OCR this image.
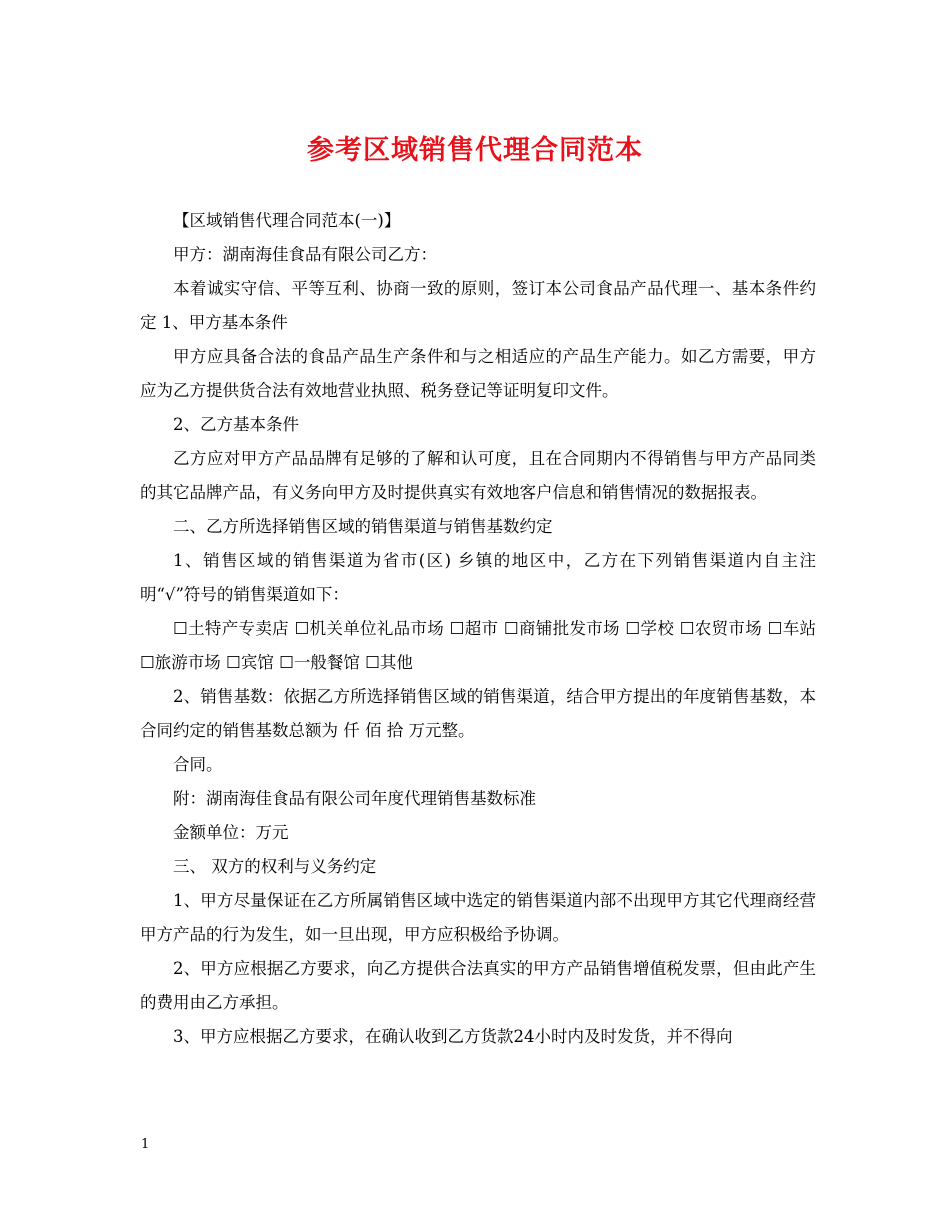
参考区域销售代理合同范本

【区域销售代理合同范本(一)】

甲方：湖南海佳食品有限公司乙方：

本着诚实守信、平等互利、协商一致的原则，签订本公司食品产品代理一、基本条件约定 1、甲方基本条件

甲方应具备合法的食品产品生产条件和与之相适应的产品生产能力。如乙方需要，甲方应为乙方提供货合法有效地营业执照、税务登记等证明复印文件。

2、乙方基本条件

乙方应对甲方产品品牌有足够的了解和认可度，且在合同期内不得销售与甲方产品同类的其它品牌产品，有义务向甲方及时提供真实有效地客户信息和销售情况的数据报表。

二、乙方所选择销售区域的销售渠道与销售基数约定

1、销售区域的销售渠道为省市(区) 乡镇的地区中，乙方在下列销售渠道内自主注明“√”符号的销售渠道如下：

☐土特产专卖店 ☐机关单位礼品市场 ☐超市 ☐商铺批发市场 ☐学校 ☐农贸市场 ☐车站 ☐旅游市场 ☐宾馆 ☐一般餐馆 ☐其他

2、销售基数：依据乙方所选择销售区域的销售渠道，结合甲方提出的年度销售基数，本合同约定的销售基数总额为 仟 佰 拾 万元整。

合同。

附：湖南海佳食品有限公司年度代理销售基数标准

金额单位：万元

三、 双方的权利与义务约定

1、甲方尽量保证在乙方所属销售区域中选定的销售渠道内部不出现甲方其它代理商经营甲方产品的行为发生，如一旦出现，甲方应积极给予协调。

2、甲方应根据乙方要求，向乙方提供合法真实的甲方产品销售增值税发票，但由此产生的费用由乙方承担。

3、甲方应根据乙方要求，在确认收到乙方货款24小时内及时发货，并不得向

1
